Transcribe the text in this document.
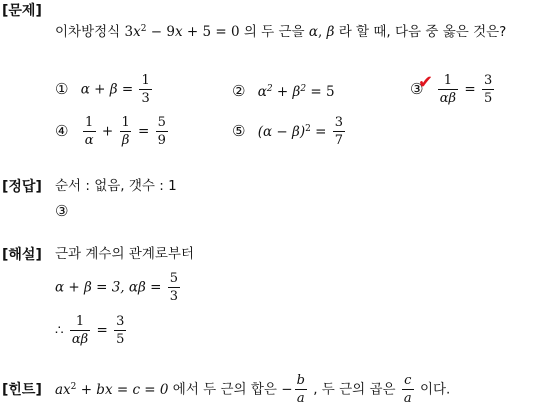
[문제]
이차방정식 $3x^2 - 9x + 5 = 0$ 의 두 근을 α, β 라 할 때, 다음 중 옳은 것은?
① $\alpha + \beta = \frac{1}{3}$	② $\alpha^2 + \beta^2 = 5$	③
✔
$\frac{1}{\alpha\beta} = \frac{3}{5}$
④ $\frac{1}{\alpha} + \frac{1}{\beta} = \frac{5}{9}$	⑤ $(\alpha - \beta)^2 = \frac{3}{7}$
[정답] 순서 : 없음, 갯수 : 1
③
[해설] 근과 계수의 관계로부터
α + β = 3, $\alpha\beta = \frac{5}{3}$
∴ $\frac{1}{\alpha\beta} = \frac{3}{5}$
[힌트] $ax^2$ + bx = c = 0 에서 두 근의 합은 − $\frac{b}{a}$ , 두 근의 곱은 $\frac{c}{a}$ 이다.
